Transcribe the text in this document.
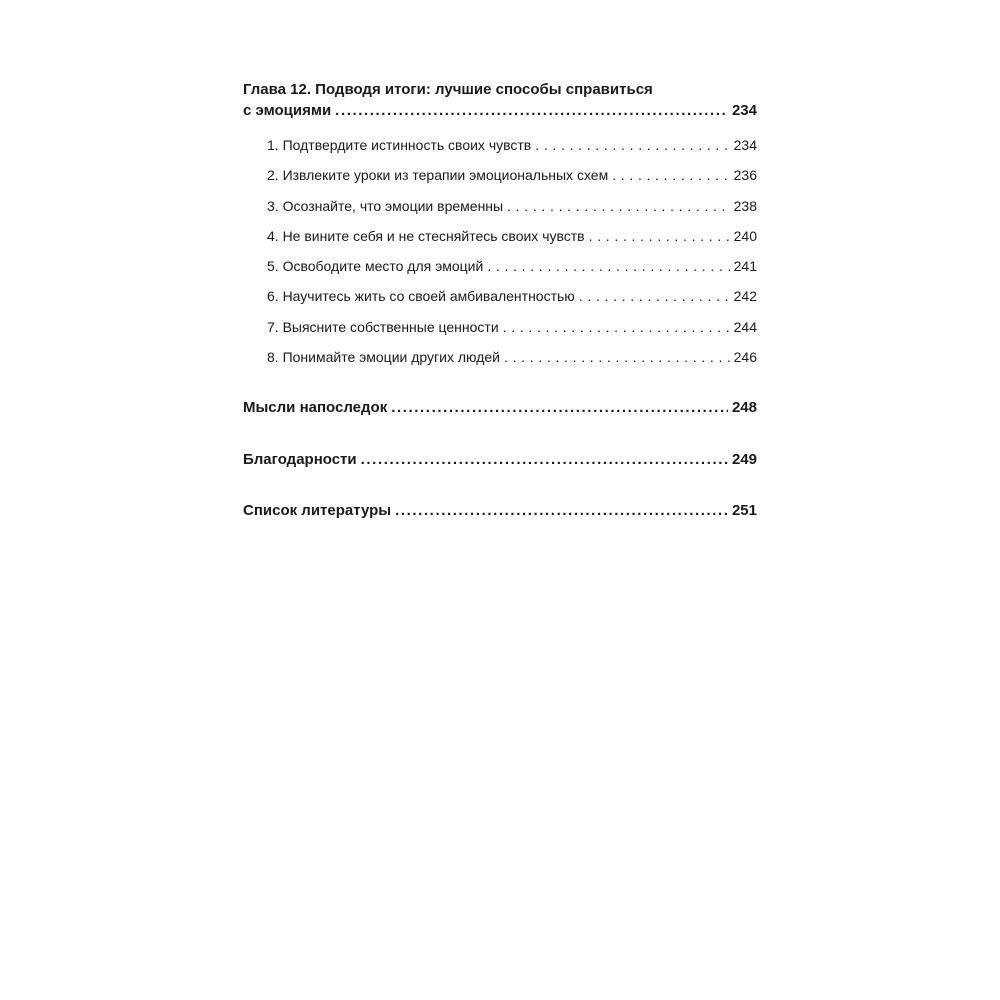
Глава 12. Подводя итоги: лучшие способы справиться
с эмоциями .....	234
1. Подтвердите истинность своих чувств . . .	234
2. Извлеките уроки из терапии эмоциональных схем . . .	236
3. Осознайте, что эмоции временны . . .	238
4. Не вините себя и не стесняйтесь своих чувств . . .	240
5. Освободите место для эмоций . . .	241
6. Научитесь жить со своей амбивалентностью . . .	242
7. Выясните собственные ценности . . .	244
8. Понимайте эмоции других людей . . .	246
Мысли напоследок .....	248
Благодарности .....	249
Список литературы .....	251
